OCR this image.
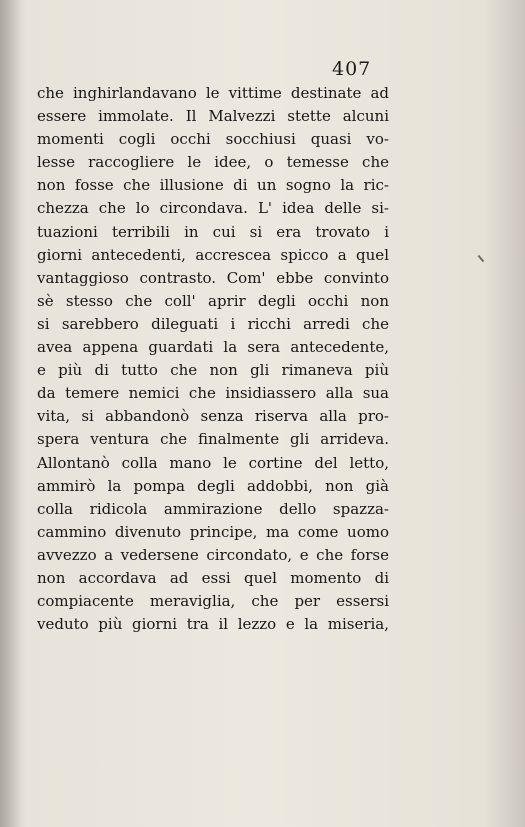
407
che inghirlandavano le vittime destinate ad
essere immolate. Il Malvezzi stette alcuni
momenti cogli occhi socchiusi quasi vo-
lesse raccogliere le idee, o temesse che
non fosse che illusione di un sogno la ric-
chezza che lo circondava. L' idea delle si-
tuazioni terribili in cui si era trovato i
giorni antecedenti, accrescea spicco a quel
vantaggioso contrasto. Com' ebbe convinto
sè stesso che coll' aprir degli occhi non
si sarebbero dileguati i ricchi arredi che
avea appena guardati la sera antecedente,
e più di tutto che non gli rimaneva più
da temere nemici che insidiassero alla sua
vita, si abbandonò senza riserva alla pro-
spera ventura che finalmente gli arrideva.
Allontanò colla mano le cortine del letto,
ammirò la pompa degli addobbi, non già
colla ridicola ammirazione dello spazza-
cammino divenuto principe, ma come uomo
avvezzo a vedersene circondato, e che forse
non accordava ad essi quel momento di
compiacente meraviglia, che per essersi
veduto più giorni tra il lezzo e la miseria,
